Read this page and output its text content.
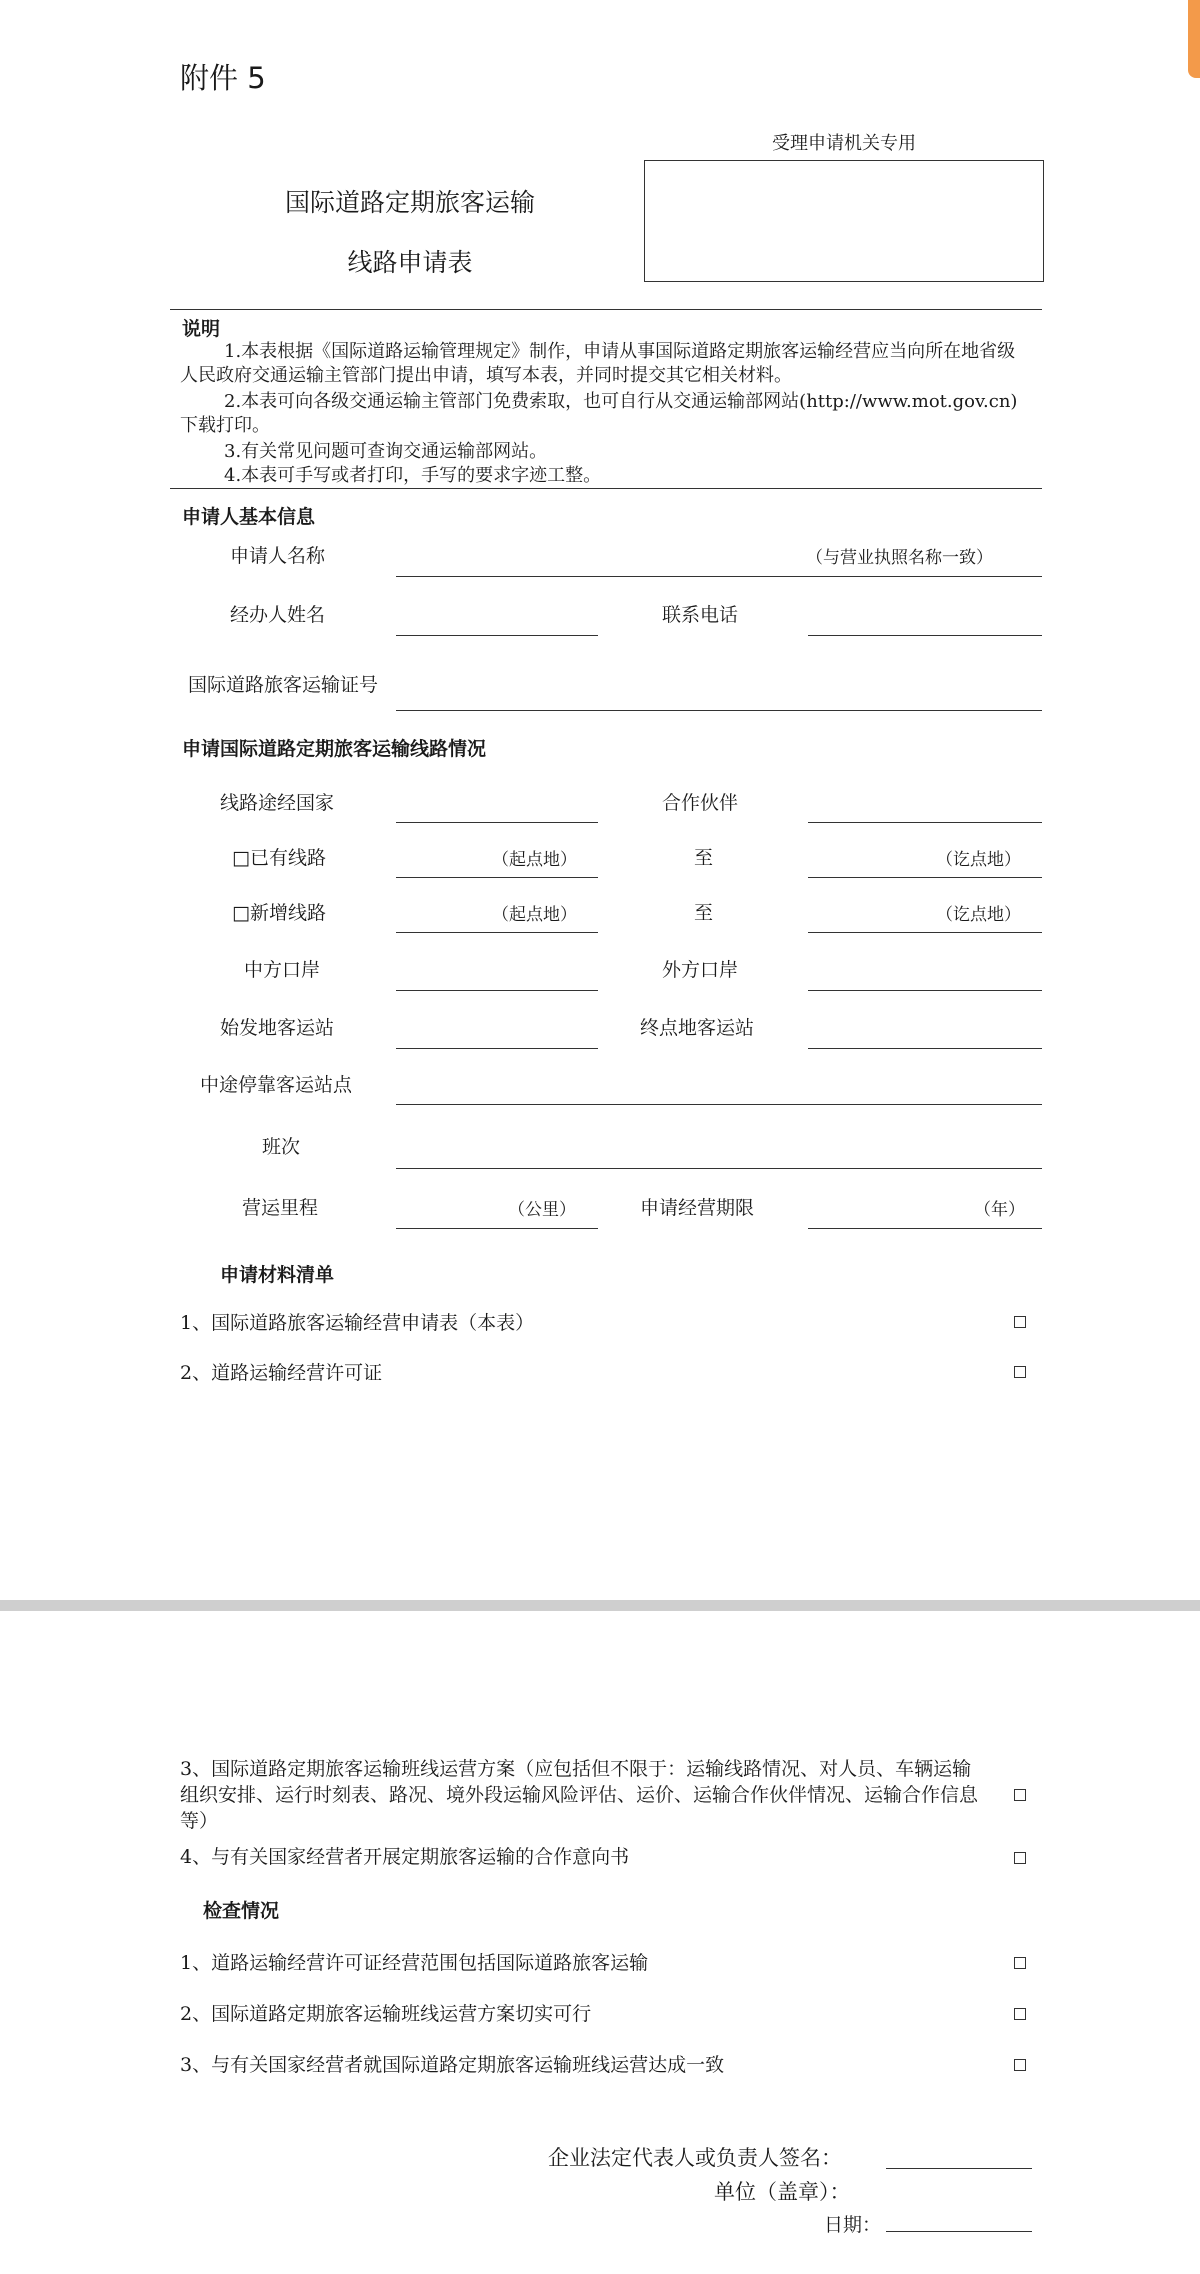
附件 5
国际道路定期旅客运输
线路申请表
受理申请机关专用
说明
1.本表根据《国际道路运输管理规定》制作，申请从事国际道路定期旅客运输经营应当向所在地省级人民政府交通运输主管部门提出申请，填写本表，并同时提交其它相关材料。
2.本表可向各级交通运输主管部门免费索取，也可自行从交通运输部网站(http://www.mot.gov.cn)下载打印。
3.有关常见问题可查询交通运输部网站。
4.本表可手写或者打印，手写的要求字迹工整。
申请人基本信息
申请人名称	（与营业执照名称一致）
经办人姓名	联系电话
国际道路旅客运输证号
申请国际道路定期旅客运输线路情况
线路途经国家	合作伙伴
□已有线路	（起点地）	至	（讫点地）
□新增线路	（起点地）	至	（讫点地）
中方口岸	外方口岸
始发地客运站	终点地客运站
中途停靠客运站点
班次
营运里程	（公里）	申请经营期限	（年）
申请材料清单
1、国际道路旅客运输经营申请表（本表）
2、道路运输经营许可证
3、国际道路定期旅客运输班线运营方案（应包括但不限于：运输线路情况、对人员、车辆运输组织安排、运行时刻表、路况、境外段运输风险评估、运价、运输合作伙伴情况、运输合作信息等）
4、与有关国家经营者开展定期旅客运输的合作意向书
检查情况
1、道路运输经营许可证经营范围包括国际道路旅客运输
2、国际道路定期旅客运输班线运营方案切实可行
3、与有关国家经营者就国际道路定期旅客运输班线运营达成一致
企业法定代表人或负责人签名：
单位（盖章）：
日期：
